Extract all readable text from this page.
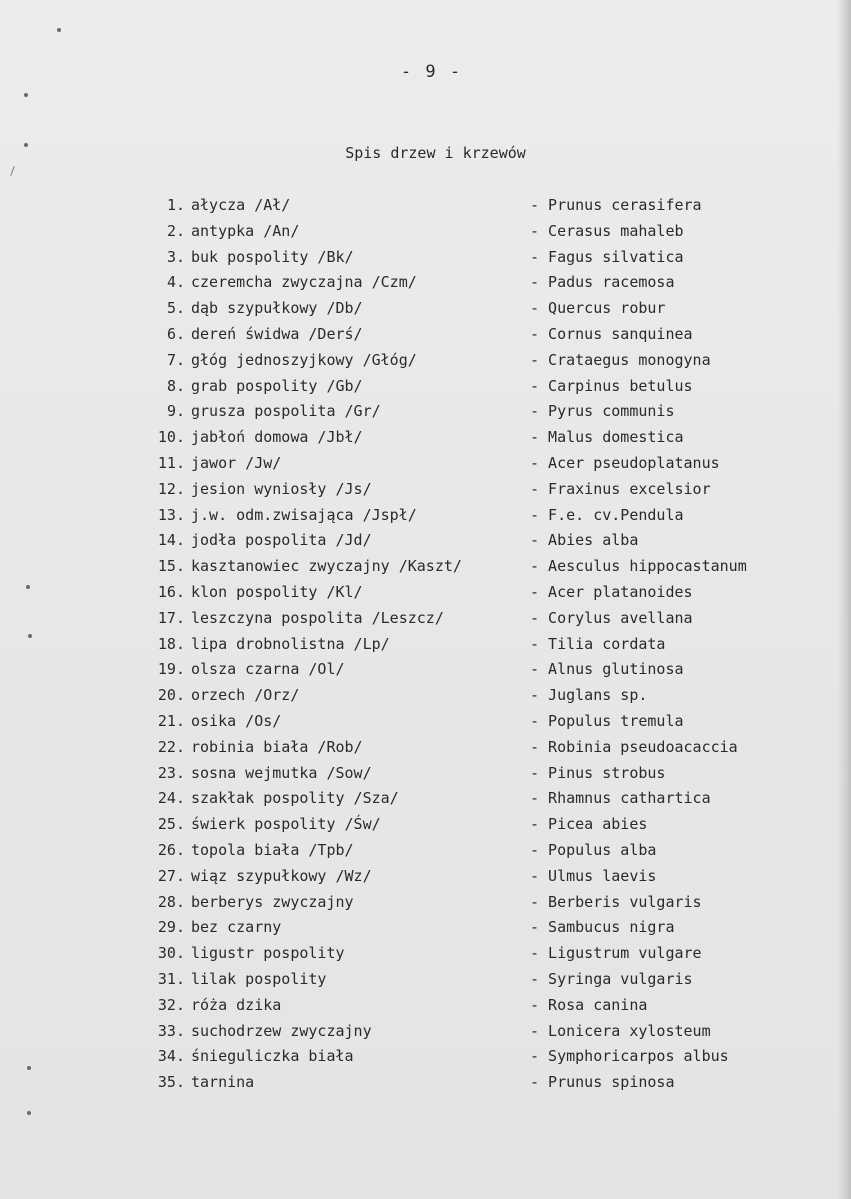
- 9 -
Spis drzew i krzewów
1. ałycza /Ał/	- Prunus cerasifera
2. antypka /An/	- Cerasus mahaleb
3. buk pospolity /Bk/	- Fagus silvatica
4. czeremcha zwyczajna /Czm/	- Padus racemosa
5. dąb szypułkowy /Db/	- Quercus robur
6. dereń świdwa /Derś/	- Cornus sanquinea
7. głóg jednoszyjkowy /Głóg/	- Crataegus monogyna
8. grab pospolity /Gb/	- Carpinus betulus
9. grusza pospolita /Gr/	- Pyrus communis
10. jabłoń domowa /Jbł/	- Malus domestica
11. jawor /Jw/	- Acer pseudoplatanus
12. jesion wyniosły /Js/	- Fraxinus excelsior
13. j.w. odm.zwisająca /Jspł/	- F.e. cv.Pendula
14. jodła pospolita /Jd/	- Abies alba
15. kasztanowiec zwyczajny /Kaszt/	- Aesculus hippocastanum
16. klon pospolity /Kl/	- Acer platanoides
17. leszczyna pospolita /Leszcz/	- Corylus avellana
18. lipa drobnolistna /Lp/	- Tilia cordata
19. olsza czarna /Ol/	- Alnus glutinosa
20. orzech /Orz/	- Juglans sp.
21. osika /Os/	- Populus tremula
22. robinia biała /Rob/	- Robinia pseudoacaccia
23. sosna wejmutka /Sow/	- Pinus strobus
24. szakłak pospolity /Sza/	- Rhamnus cathartica
25. świerk pospolity /Św/	- Picea abies
26. topola biała /Tpb/	- Populus alba
27. wiąz szypułkowy /Wz/	- Ulmus laevis
28. berberys zwyczajny	- Berberis vulgaris
29. bez czarny	- Sambucus nigra
30. ligustr pospolity	- Ligustrum vulgare
31. lilak pospolity	- Syringa vulgaris
32. róża dzika	- Rosa canina
33. suchodrzew zwyczajny	- Lonicera xylosteum
34. śnieguliczka biała	- Symphoricarpos albus
35. tarnina	- Prunus spinosa
